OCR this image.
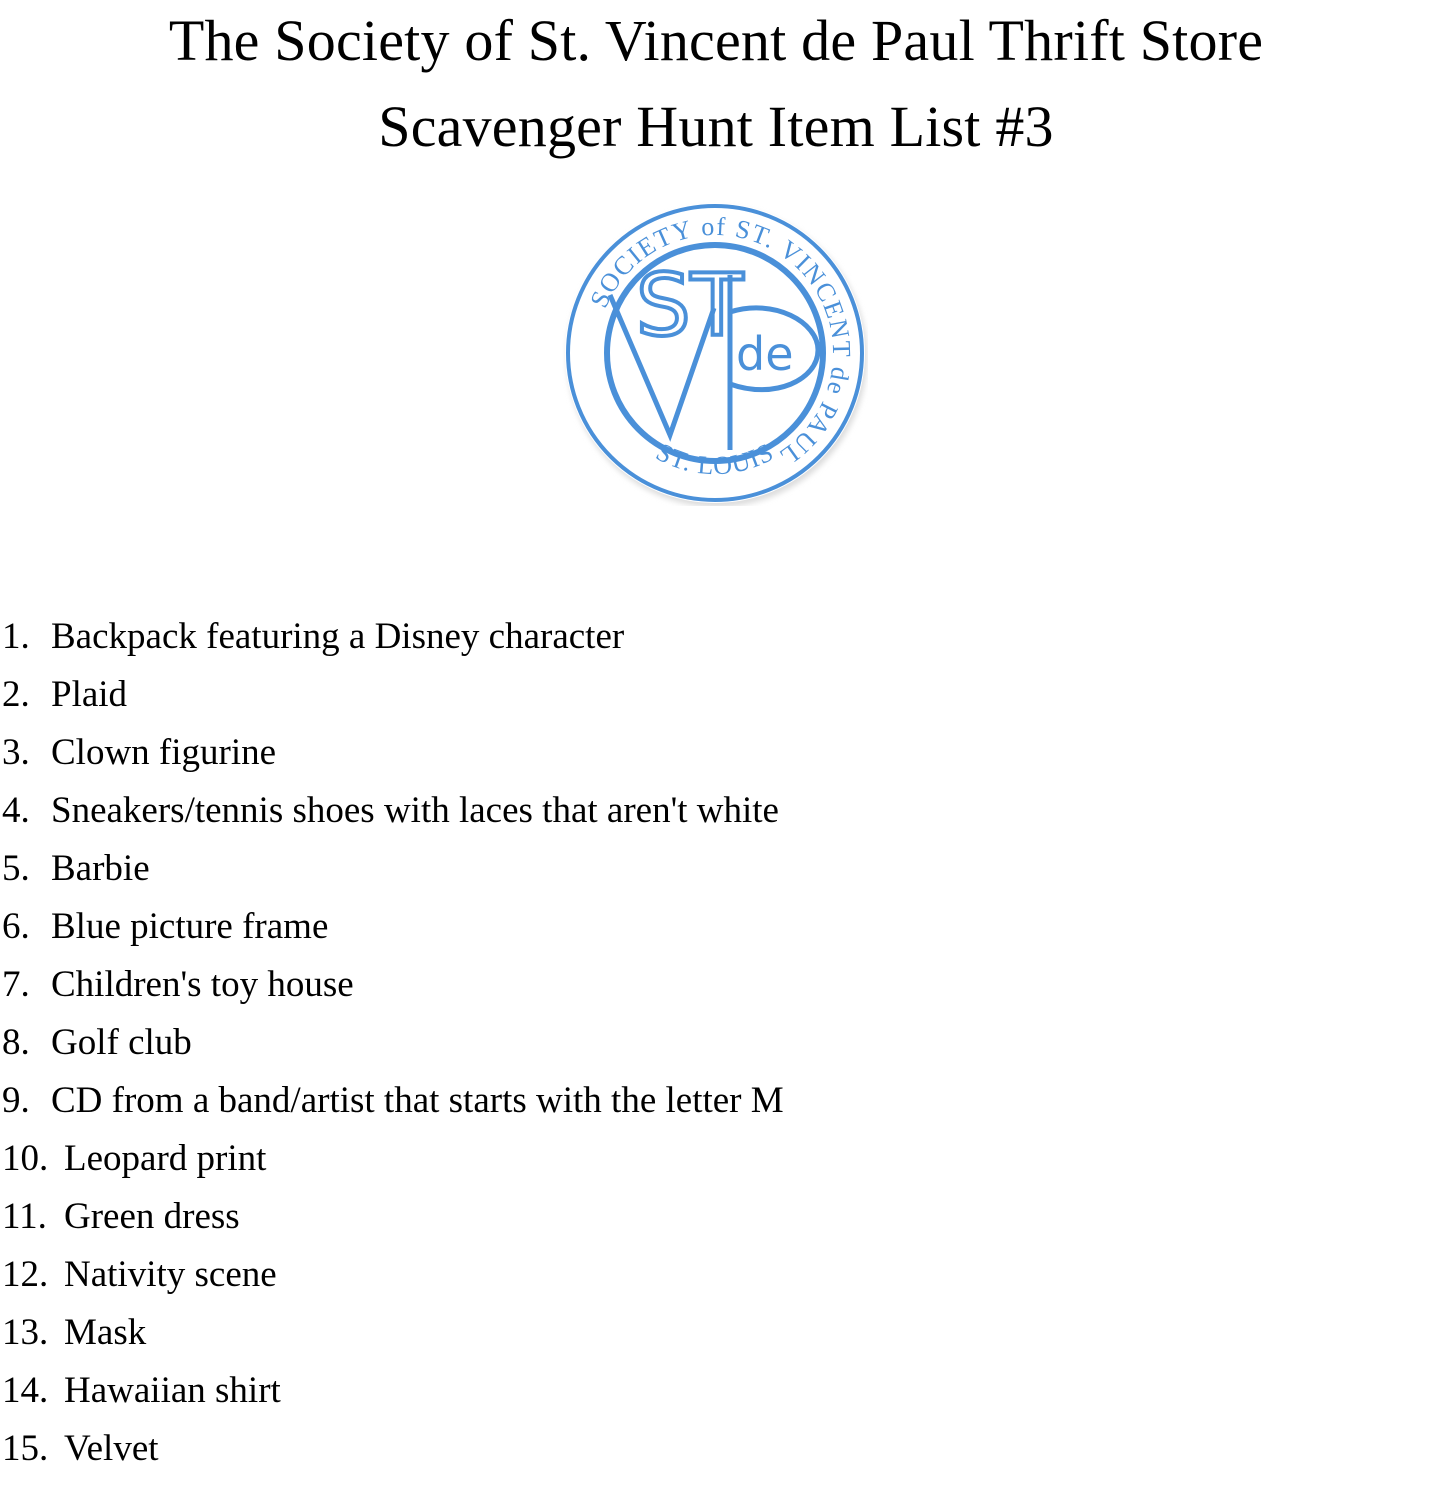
The Society of St. Vincent de Paul Thrift Store
Scavenger Hunt Item List #3
SOCIETY of ST. VINCENT de PAUL
ST. LOUIS
ST
de
1. Backpack featuring a Disney character
2. Plaid
3. Clown figurine
4. Sneakers/tennis shoes with laces that aren't white
5. Barbie
6. Blue picture frame
7. Children's toy house
8. Golf club
9. CD from a band/artist that starts with the letter M
10. Leopard print
11. Green dress
12. Nativity scene
13. Mask
14. Hawaiian shirt
15. Velvet
